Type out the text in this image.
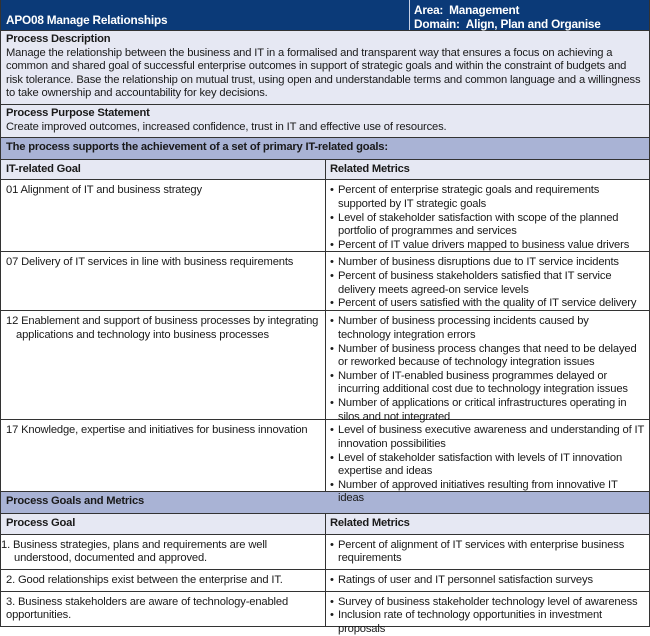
APO08 Manage Relationships
Area: Management
Domain: Align, Plan and Organise
Process Description
Manage the relationship between the business and IT in a formalised and transparent way that ensures a focus on achieving a common and shared goal of successful enterprise outcomes in support of strategic goals and within the constraint of budgets and risk tolerance. Base the relationship on mutual trust, using open and understandable terms and common language and a willingness to take ownership and accountability for key decisions.
Process Purpose Statement
Create improved outcomes, increased confidence, trust in IT and effective use of resources.
The process supports the achievement of a set of primary IT-related goals:
IT-related Goal	Related Metrics
01 Alignment of IT and business strategy	• Percent of enterprise strategic goals and requirements supported by IT strategic goals
• Level of stakeholder satisfaction with scope of the planned portfolio of programmes and services
• Percent of IT value drivers mapped to business value drivers
07 Delivery of IT services in line with business requirements	• Number of business disruptions due to IT service incidents
• Percent of business stakeholders satisfied that IT service delivery meets agreed-on service levels
• Percent of users satisfied with the quality of IT service delivery
12 Enablement and support of business processes by integrating applications and technology into business processes
• Number of business processing incidents caused by technology integration errors
• Number of business process changes that need to be delayed or reworked because of technology integration issues
• Number of IT-enabled business programmes delayed or incurring additional cost due to technology integration issues
• Number of applications or critical infrastructures operating in silos and not integrated
17 Knowledge, expertise and initiatives for business innovation	• Level of business executive awareness and understanding of IT innovation possibilities
• Level of stakeholder satisfaction with levels of IT innovation expertise and ideas
• Number of approved initiatives resulting from innovative IT ideas
Process Goals and Metrics
Process Goal	Related Metrics
1. Business strategies, plans and requirements are well understood, documented and approved.
• Percent of alignment of IT services with enterprise business requirements
2. Good relationships exist between the enterprise and IT.	• Ratings of user and IT personnel satisfaction surveys
3. Business stakeholders are aware of technology-enabled opportunities.
• Survey of business stakeholder technology level of awareness
• Inclusion rate of technology opportunities in investment proposals
